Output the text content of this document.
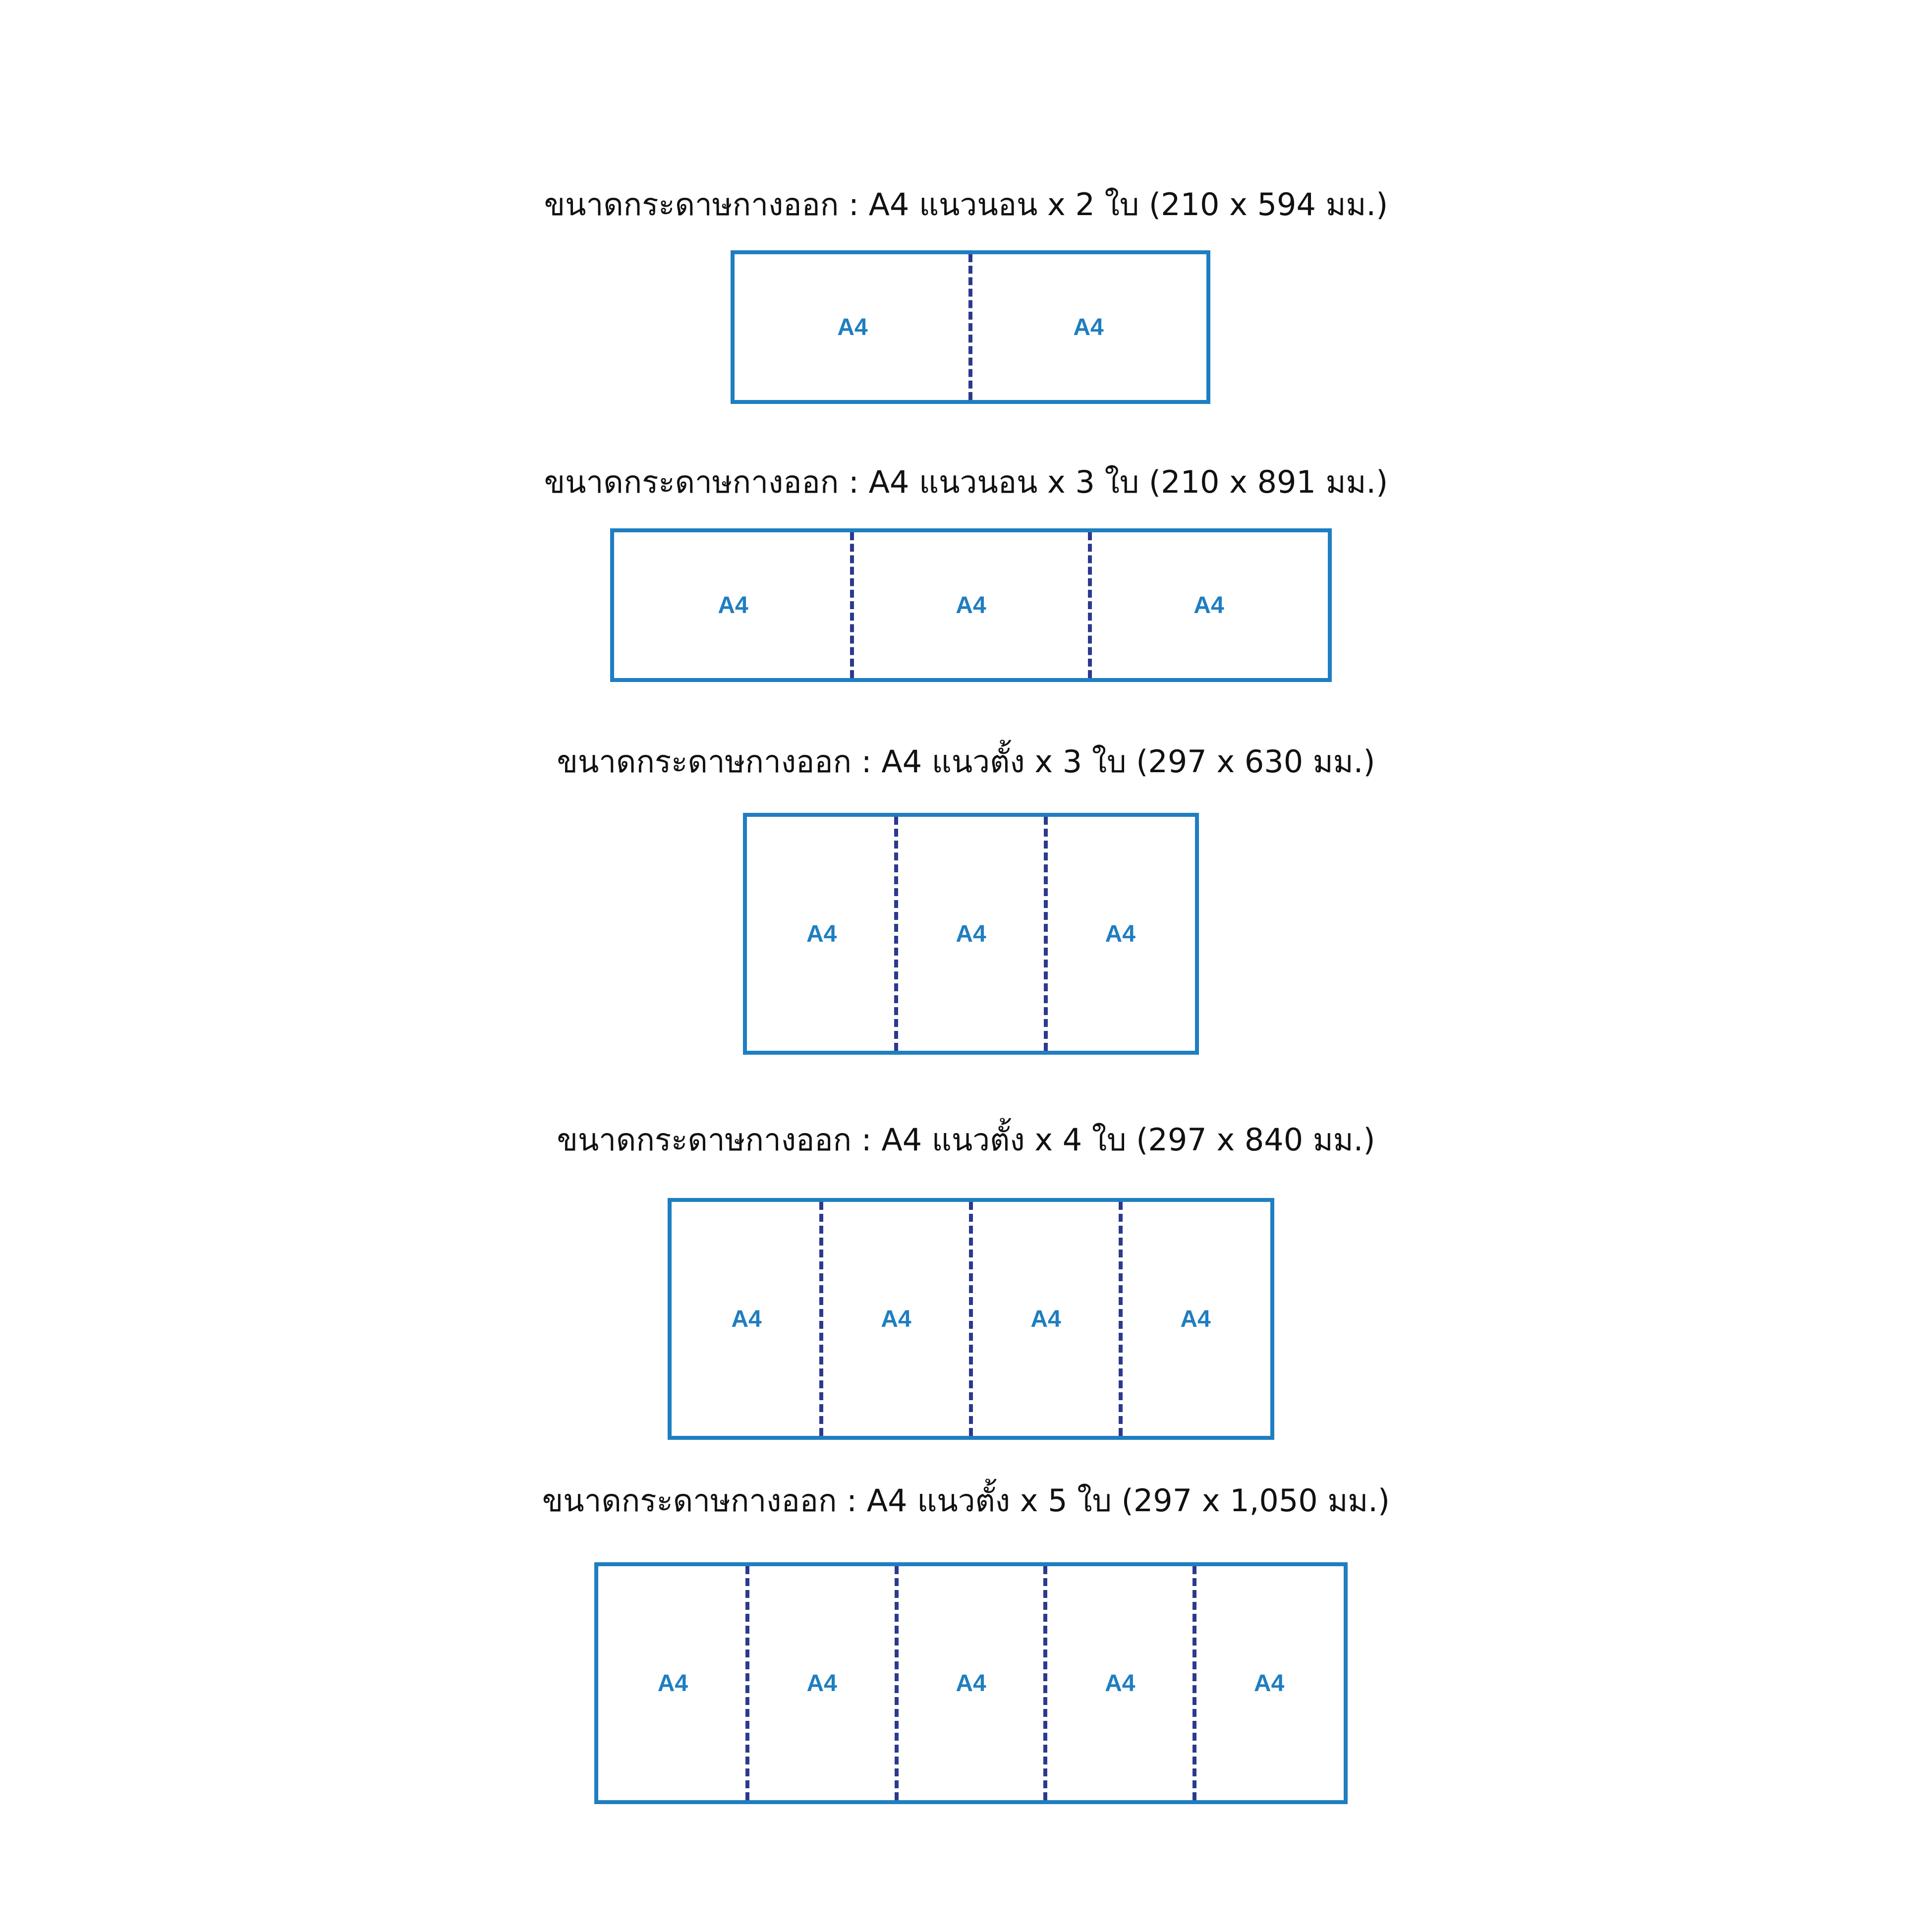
ขนาดกระดาษกางออก : A4 แนวนอน x 2 ใบ (210 x 594 มม.)
A4	A4
ขนาดกระดาษกางออก : A4 แนวนอน x 3 ใบ (210 x 891 มม.)
A4	A4	A4
ขนาดกระดาษกางออก : A4 แนวตั้ง x 3 ใบ (297 x 630 มม.)
A4	A4	A4
ขนาดกระดาษกางออก : A4 แนวตั้ง x 4 ใบ (297 x 840 มม.)
A4	A4	A4	A4
ขนาดกระดาษกางออก : A4 แนวตั้ง x 5 ใบ (297 x 1,050 มม.)
A4	A4	A4	A4	A4
